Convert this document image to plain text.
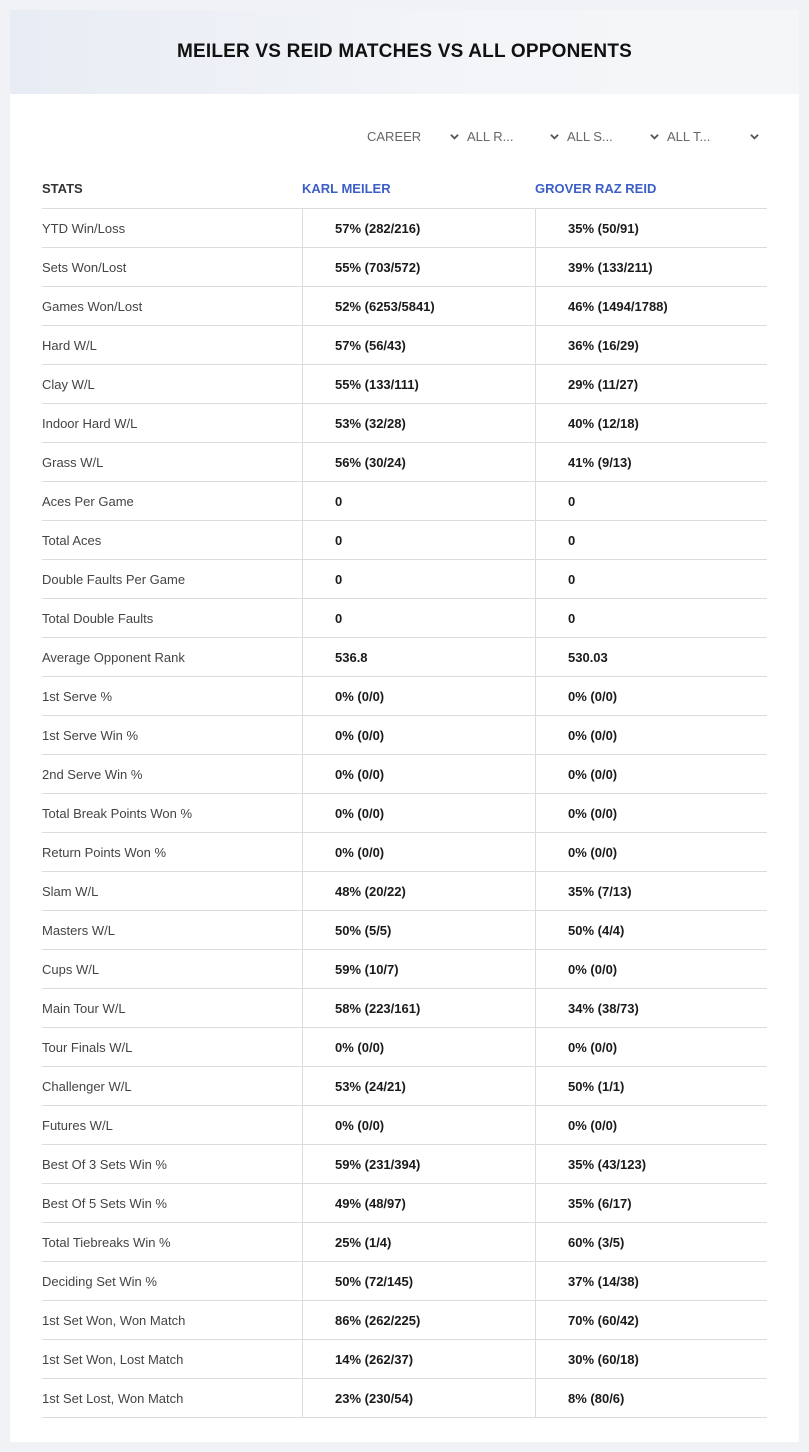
MEILER VS REID MATCHES VS ALL OPPONENTS
CAREER	ALL R...	ALL S...	ALL T...
STATS	KARL MEILER	GROVER RAZ REID
YTD Win/Loss	57% (282/216)	35% (50/91)
Sets Won/Lost	55% (703/572)	39% (133/211)
Games Won/Lost	52% (6253/5841)	46% (1494/1788)
Hard W/L	57% (56/43)	36% (16/29)
Clay W/L	55% (133/111)	29% (11/27)
Indoor Hard W/L	53% (32/28)	40% (12/18)
Grass W/L	56% (30/24)	41% (9/13)
Aces Per Game	0	0
Total Aces	0	0
Double Faults Per Game	0	0
Total Double Faults	0	0
Average Opponent Rank	536.8	530.03
1st Serve %	0% (0/0)	0% (0/0)
1st Serve Win %	0% (0/0)	0% (0/0)
2nd Serve Win %	0% (0/0)	0% (0/0)
Total Break Points Won %	0% (0/0)	0% (0/0)
Return Points Won %	0% (0/0)	0% (0/0)
Slam W/L	48% (20/22)	35% (7/13)
Masters W/L	50% (5/5)	50% (4/4)
Cups W/L	59% (10/7)	0% (0/0)
Main Tour W/L	58% (223/161)	34% (38/73)
Tour Finals W/L	0% (0/0)	0% (0/0)
Challenger W/L	53% (24/21)	50% (1/1)
Futures W/L	0% (0/0)	0% (0/0)
Best Of 3 Sets Win %	59% (231/394)	35% (43/123)
Best Of 5 Sets Win %	49% (48/97)	35% (6/17)
Total Tiebreaks Win %	25% (1/4)	60% (3/5)
Deciding Set Win %	50% (72/145)	37% (14/38)
1st Set Won, Won Match	86% (262/225)	70% (60/42)
1st Set Won, Lost Match	14% (262/37)	30% (60/18)
1st Set Lost, Won Match	23% (230/54)	8% (80/6)
